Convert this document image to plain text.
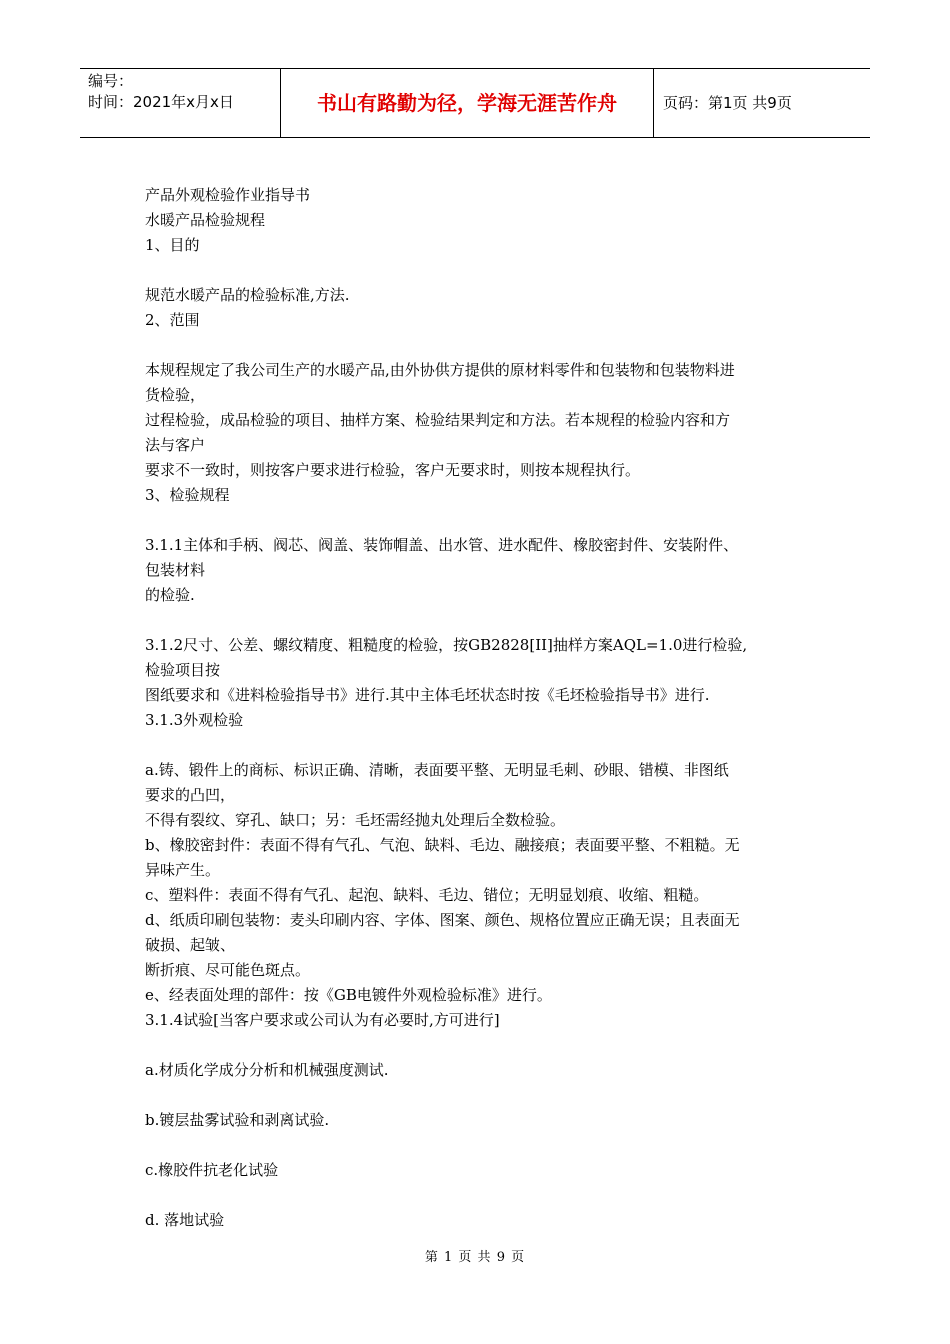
编号：
时间：2021年x月x日	书山有路勤为径，学海无涯苦作舟	页码：第1页 共9页

产品外观检验作业指导书

水暖产品检验规程

1、目的

规范水暖产品的检验标准,方法.

2、范围

本规程规定了我公司生产的水暖产品,由外协供方提供的原材料零件和包装物和包装物料进

货检验，

过程检验，成品检验的项目、抽样方案、检验结果判定和方法。若本规程的检验内容和方

法与客户

要求不一致时，则按客户要求进行检验，客户无要求时，则按本规程执行。

3、检验规程

3.1.1主体和手柄、阀芯、阀盖、装饰帽盖、出水管、进水配件、橡胶密封件、安装附件、

包装材料

的检验.

3.1.2尺寸、公差、螺纹精度、粗糙度的检验，按GB2828[II]抽样方案AQL=1.0进行检验,

检验项目按

图纸要求和《进料检验指导书》进行.其中主体毛坯状态时按《毛坯检验指导书》进行.

3.1.3外观检验

a.铸、锻件上的商标、标识正确、清晰，表面要平整、无明显毛刺、砂眼、错模、非图纸

要求的凸凹，

不得有裂纹、穿孔、缺口；另：毛坯需经抛丸处理后全数检验。

b、橡胶密封件：表面不得有气孔、气泡、缺料、毛边、融接痕；表面要平整、不粗糙。无

异味产生。

c、塑料件：表面不得有气孔、起泡、缺料、毛边、错位；无明显划痕、收缩、粗糙。

d、纸质印刷包装物：麦头印刷内容、字体、图案、颜色、规格位置应正确无误；且表面无

破损、起皱、

断折痕、尽可能色斑点。

e、经表面处理的部件：按《GB电镀件外观检验标准》进行。

3.1.4试验[当客户要求或公司认为有必要时,方可进行]

a.材质化学成分分析和机械强度测试.

b.镀层盐雾试验和剥离试验.

c.橡胶件抗老化试验

d. 落地试验

第 1 页 共 9 页
